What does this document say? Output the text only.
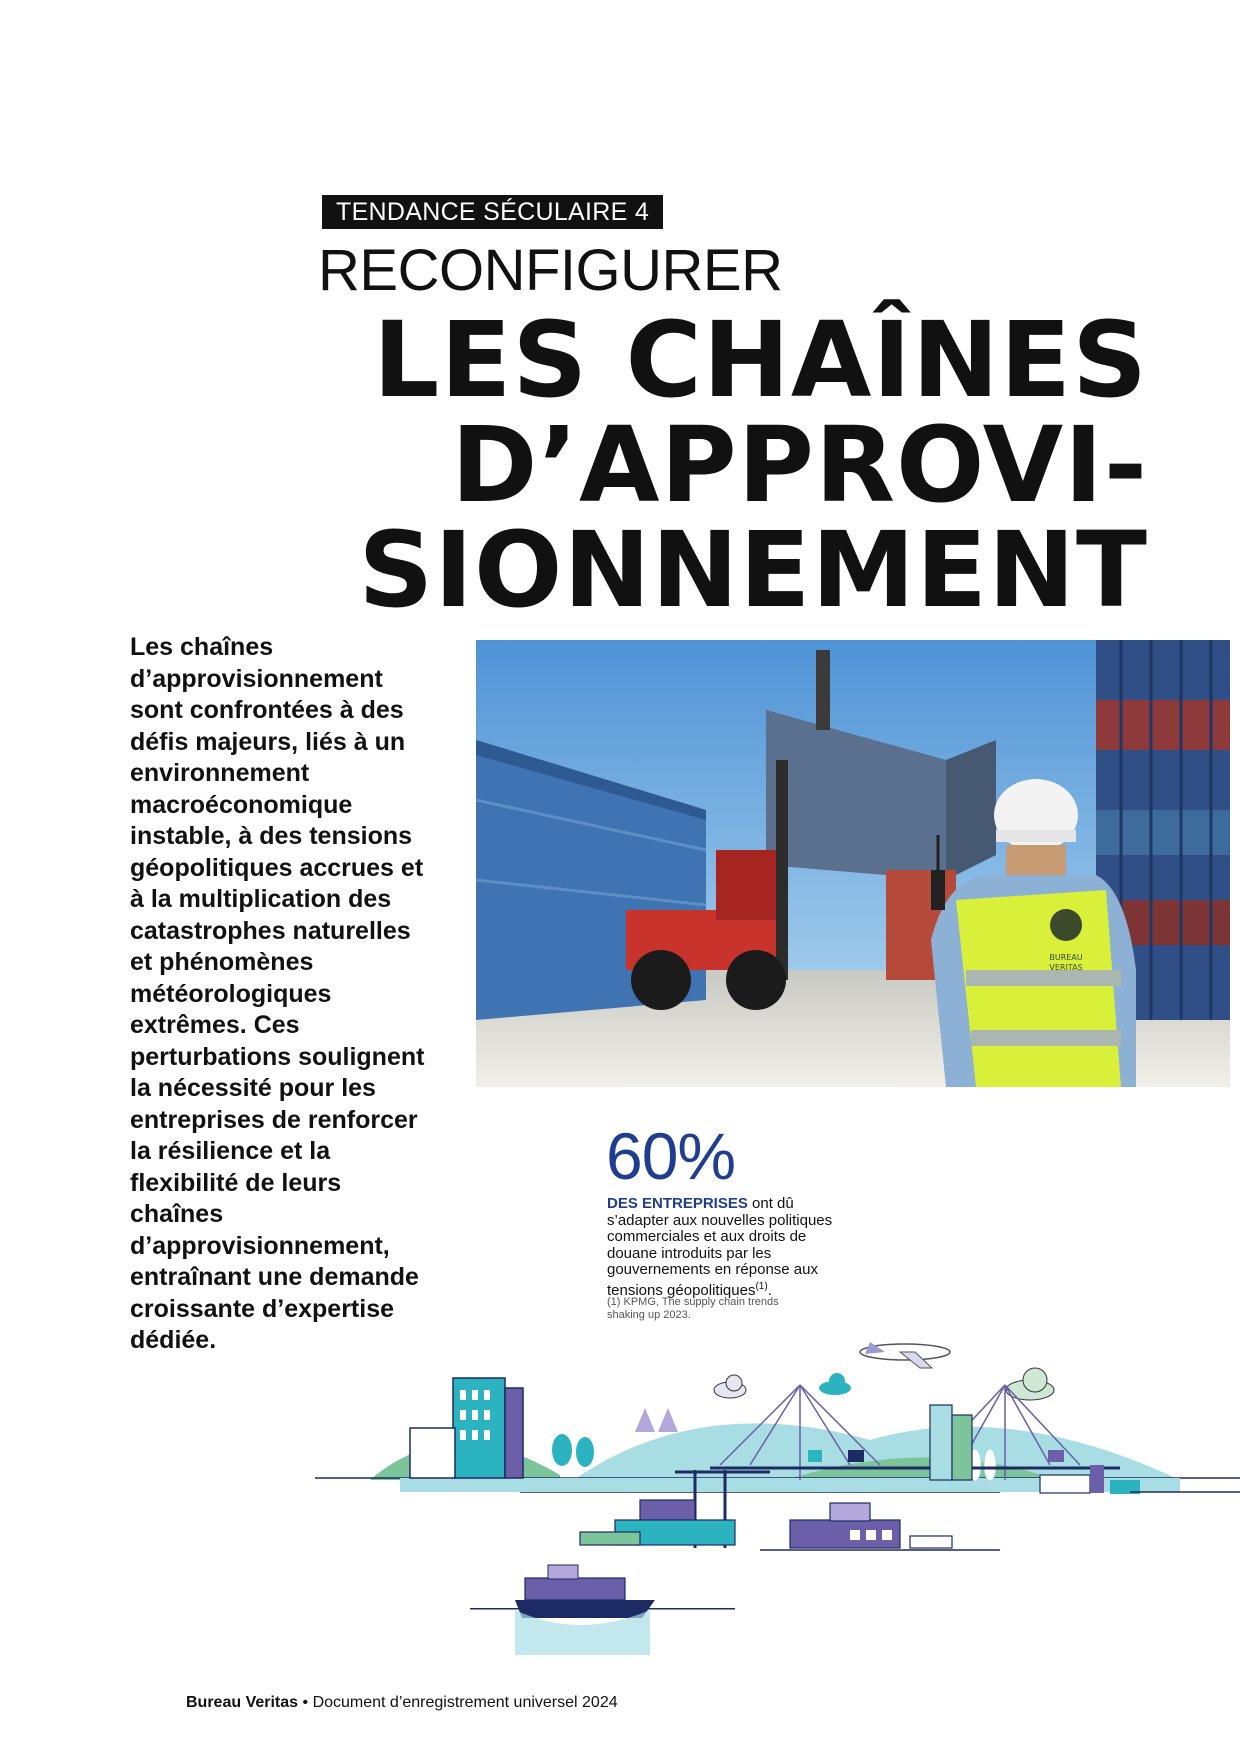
TENDANCE SÉCULAIRE 4
RECONFIGURER
LES CHAÎNES
D’APPROVI-
SIONNEMENT
Les chaînes d’approvisionnement sont confrontées à des défis majeurs, liés à un environnement macroéconomique instable, à des tensions géopolitiques accrues et à la multiplication des catastrophes naturelles et phénomènes météorologiques extrêmes. Ces perturbations soulignent la nécessité pour les entreprises de renforcer la résilience et la flexibilité de leurs chaînes d’approvisionnement, entraînant une demande croissante d’expertise dédiée.
BUREAU
VERITAS
60%
DES ENTREPRISES ont dû s’adapter aux nouvelles politiques commerciales et aux droits de douane introduits par les gouvernements en réponse aux tensions géopolitiques$^{(1)}$.
(1) KPMG, The supply chain trends shaking up 2023.
Bureau Veritas • Document d’enregistrement universel 2024
